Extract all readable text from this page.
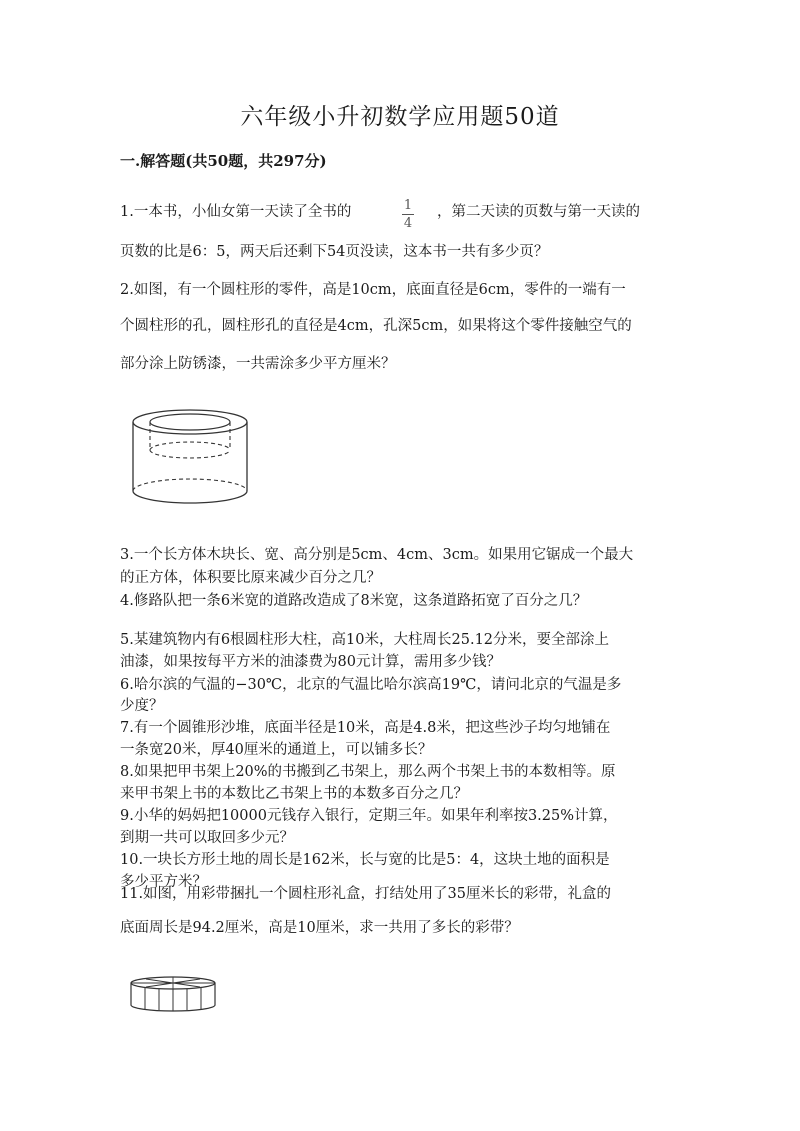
六年级小升初数学应用题50道
一.解答题(共50题，共297分)
1.一本书，小仙女第一天读了全书的	1
4
，第二天读的页数与第一天读的
页数的比是6：5，两天后还剩下54页没读，这本书一共有多少页？
2.如图，有一个圆柱形的零件，高是10cm，底面直径是6cm，零件的一端有一
个圆柱形的孔，圆柱形孔的直径是4cm，孔深5cm，如果将这个零件接触空气的
部分涂上防锈漆，一共需涂多少平方厘米？
3.一个长方体木块长、宽、高分别是5cm、4cm、3cm。如果用它锯成一个最大
的正方体，体积要比原来减少百分之几？
4.修路队把一条6米宽的道路改造成了8米宽，这条道路拓宽了百分之几？
5.某建筑物内有6根圆柱形大柱，高10米，大柱周长25.12分米，要全部涂上
油漆，如果按每平方米的油漆费为80元计算，需用多少钱？
6.哈尔滨的气温的−30℃，北京的气温比哈尔滨高19℃，请问北京的气温是多
少度？
7.有一个圆锥形沙堆，底面半径是10米，高是4.8米，把这些沙子均匀地铺在
一条宽20米，厚40厘米的通道上，可以铺多长？
8.如果把甲书架上20%的书搬到乙书架上，那么两个书架上书的本数相等。原
来甲书架上书的本数比乙书架上书的本数多百分之几？
9.小华的妈妈把10000元钱存入银行，定期三年。如果年利率按3.25%计算，
到期一共可以取回多少元？
10.一块长方形土地的周长是162米，长与宽的比是5：4，这块土地的面积是
多少平方米？
11.如图，用彩带捆扎一个圆柱形礼盒，打结处用了35厘米长的彩带，礼盒的
底面周长是94.2厘米，高是10厘米，求一共用了多长的彩带？
